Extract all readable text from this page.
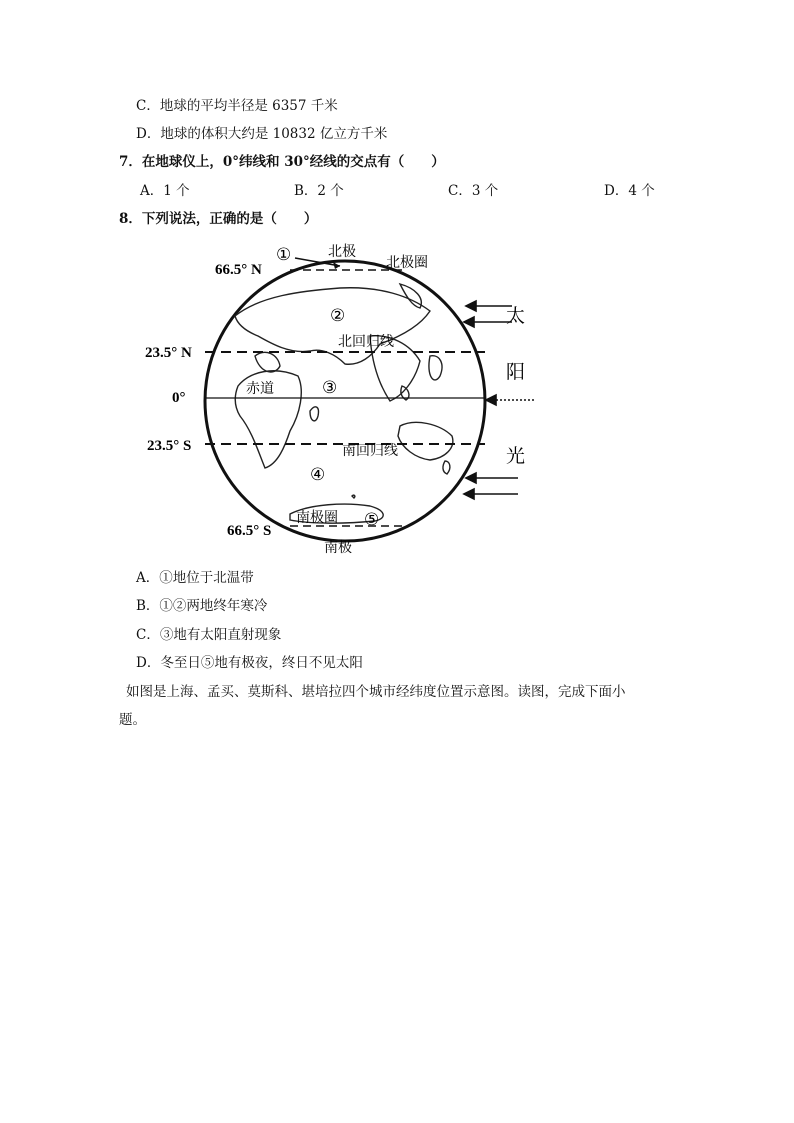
C．地球的平均半径是 6357 千米
D．地球的体积大约是 10832 亿立方千米
7．在地球仪上，0°纬线和 30°经线的交点有（　　）
A．1 个	B．2 个	C．3 个	D．4 个
8．下列说法，正确的是（　　）
66.5° N
23.5° N
0°
23.5° S
66.5° S
北极
北极圈
北回归线
赤道
南回归线
南极圈
南极
①
②
③
④
⑤
太
阳
光
A．①地位于北温带
B．①②两地终年寒冷
C．③地有太阳直射现象
D．冬至日⑤地有极夜，终日不见太阳
如图是上海、孟买、莫斯科、堪培拉四个城市经纬度位置示意图。读图，完成下面小
题。
